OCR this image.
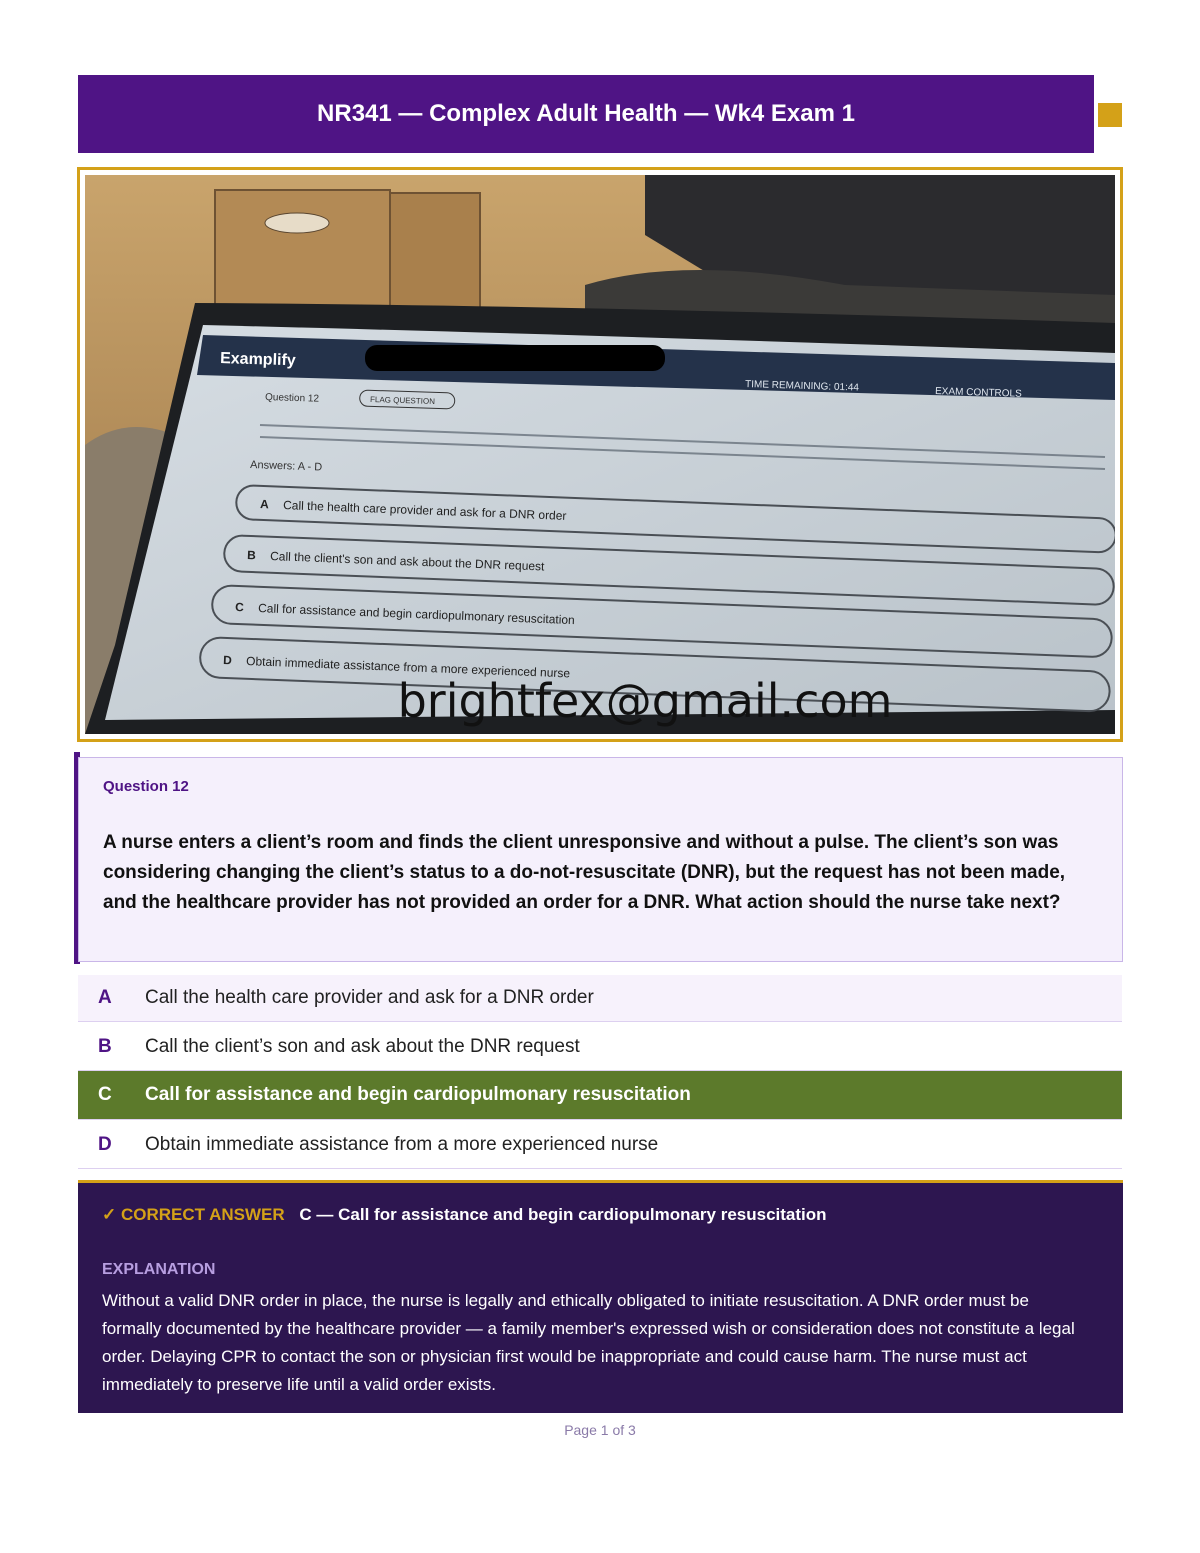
NR341 — Complex Adult Health — Wk4 Exam 1
Examplify
TIME REMAINING: 01:44	EXAM CONTROLS
Question 12	FLAG QUESTION
Answers: A - D
A Call the health care provider and ask for a DNR order
B Call the client's son and ask about the DNR request
C Call for assistance and begin cardiopulmonary resuscitation
D Obtain immediate assistance from a more experienced nurse
brightfex@gmail.com
Question 12
A nurse enters a client’s room and finds the client unresponsive and without a pulse. The client’s son was considering changing the client’s status to a do-not-resuscitate (DNR), but the request has not been made, and the healthcare provider has not provided an order for a DNR. What action should the nurse take next?
A	Call the health care provider and ask for a DNR order
B	Call the client’s son and ask about the DNR request
C	Call for assistance and begin cardiopulmonary resuscitation
D	Obtain immediate assistance from a more experienced nurse
✓ CORRECT ANSWER C — Call for assistance and begin cardiopulmonary resuscitation
EXPLANATION
Without a valid DNR order in place, the nurse is legally and ethically obligated to initiate resuscitation. A DNR order must be formally documented by the healthcare provider — a family member's expressed wish or consideration does not constitute a legal order. Delaying CPR to contact the son or physician first would be inappropriate and could cause harm. The nurse must act immediately to preserve life until a valid order exists.
Page 1 of 3
